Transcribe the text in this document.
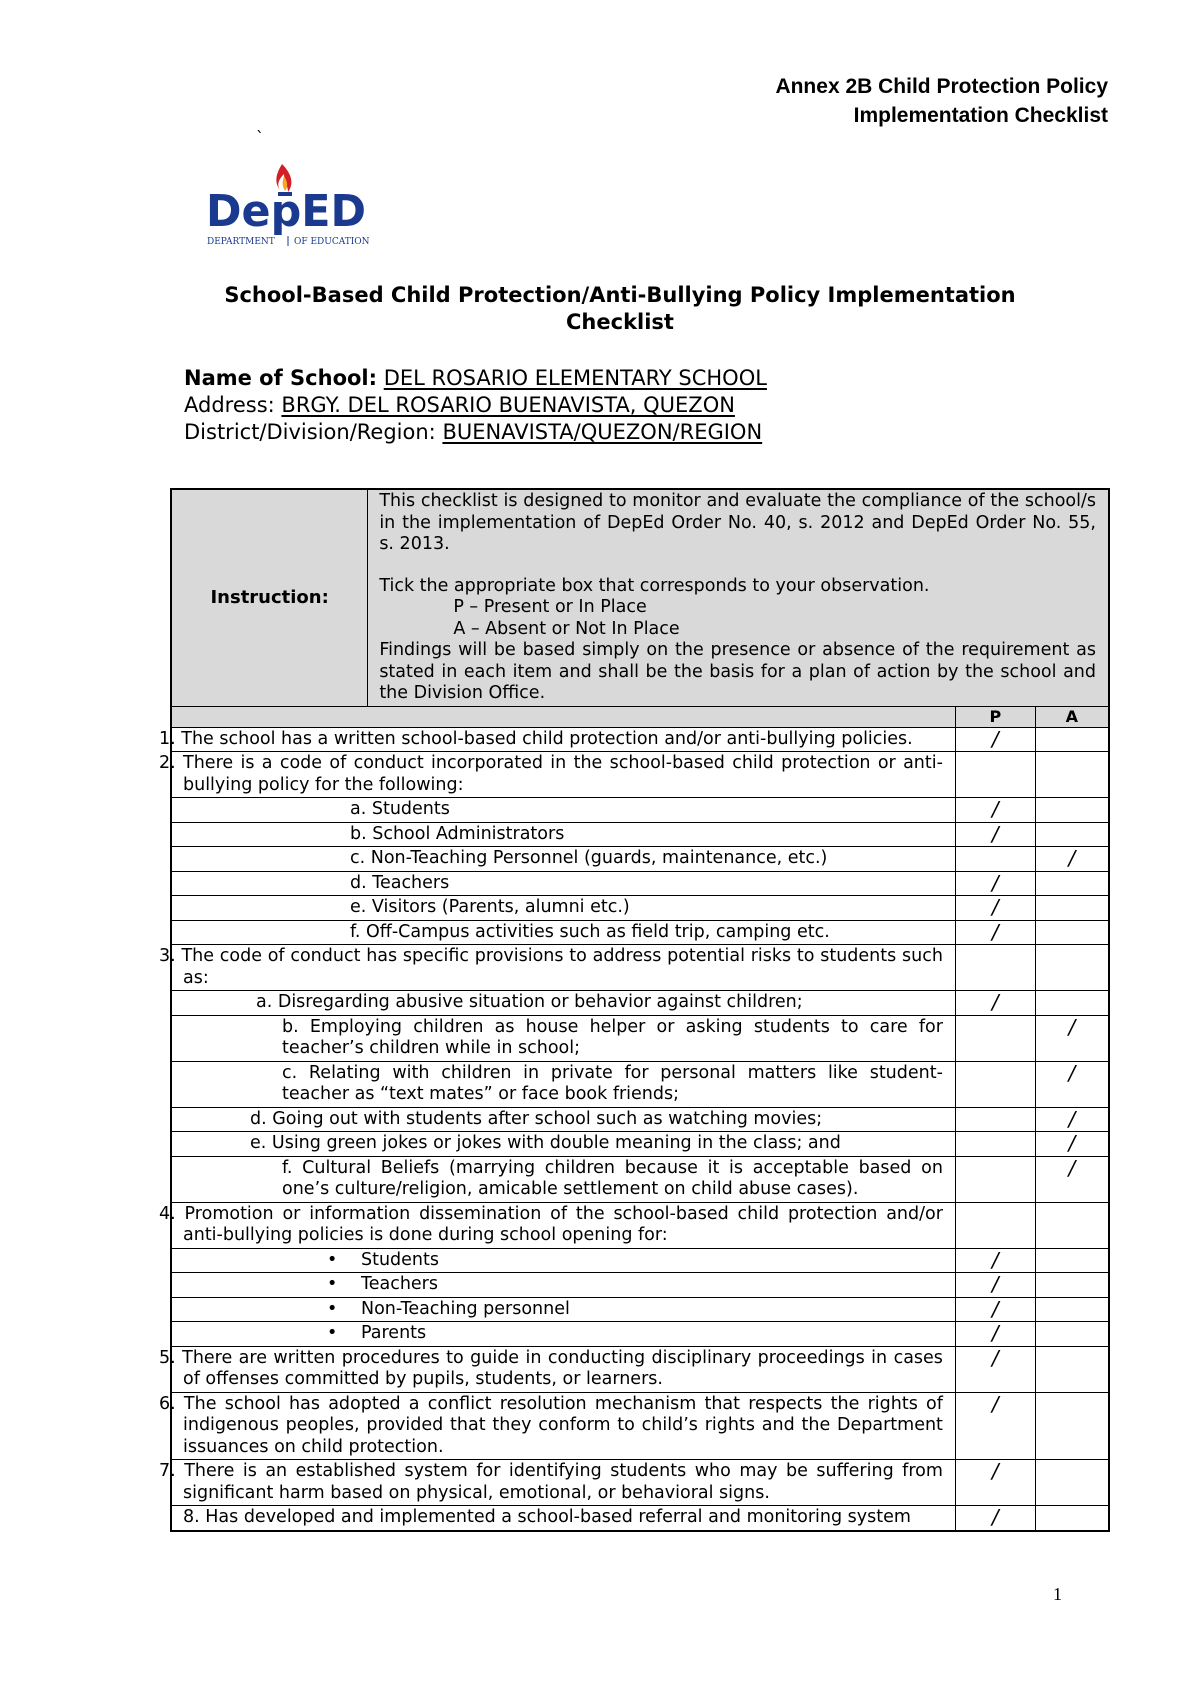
Annex 2B Child Protection Policy
Implementation Checklist
`
DepED
DEPARTMENT OF EDUCATION
School-Based Child Protection/Anti-Bullying Policy Implementation
Checklist
Name of School: DEL ROSARIO ELEMENTARY SCHOOL
Address: BRGY. DEL ROSARIO BUENAVISTA, QUEZON
District/Division/Region: BUENAVISTA/QUEZON/REGION
Instruction:	This checklist is designed to monitor and evaluate the compliance of the school/s in the implementation of DepEd Order No. 40, s. 2012 and DepEd Order No. 55, s. 2013.

Tick the appropriate box that corresponds to your observation.

P – Present or In Place

A – Absent or Not In Place

Findings will be based simply on the presence or absence of the requirement as stated in each item and shall be the basis for a plan of action by the school and the Division Office.		

		P	A
1. The school has a written school-based child protection and/or anti-bullying policies.		/	
2. There is a code of conduct incorporated in the school-based child protection or anti-bullying policy for the following:			
a. Students		/	
b. School Administrators		/	
c. Non-Teaching Personnel (guards, maintenance, etc.)			/
d. Teachers		/	
e. Visitors (Parents, alumni etc.)		/	
f. Off-Campus activities such as field trip, camping etc.		/	
3. The code of conduct has specific provisions to address potential risks to students such as:			
a. Disregarding abusive situation or behavior against children;		/	
b. Employing children as house helper or asking students to care for teacher’s children while in school;			/
c. Relating with children in private for personal matters like student-teacher as “text mates” or face book friends;			/
d. Going out with students after school such as watching movies;			/
e. Using green jokes or jokes with double meaning in the class; and			/
f. Cultural Beliefs (marrying children because it is acceptable based on one’s culture/religion, amicable settlement on child abuse cases).			/
4. Promotion or information dissemination of the school-based child protection and/or anti-bullying policies is done during school opening for:			
• Students		/	
• Teachers		/	
• Non-Teaching personnel		/	
• Parents		/	
5. There are written procedures to guide in conducting disciplinary proceedings in cases of offenses committed by pupils, students, or learners.		/	
6. The school has adopted a conflict resolution mechanism that respects the rights of indigenous peoples, provided that they conform to child’s rights and the Department issuances on child protection.		/	
7. There is an established system for identifying students who may be suffering from significant harm based on physical, emotional, or behavioral signs.		/	
8. Has developed and implemented a school-based referral and monitoring system		/	
1
